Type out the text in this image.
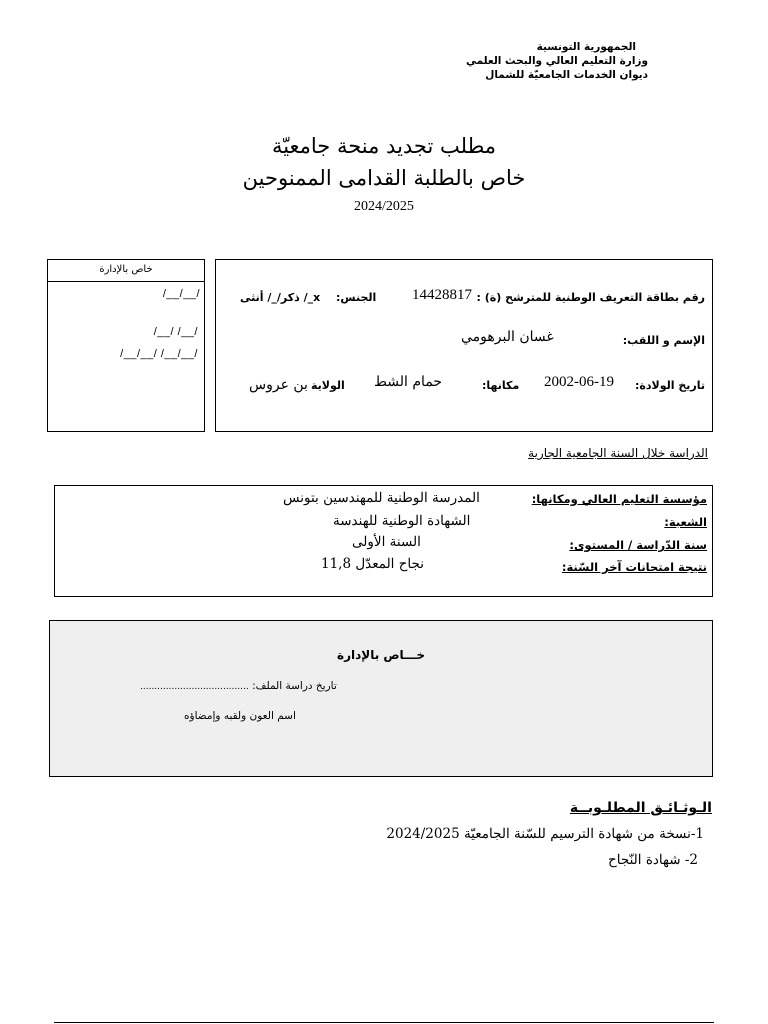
الجمهورية التونسية
وزارة التعليم العالي والبحث العلمي
ديوان الخدمات الجامعيّة للشمال
مطلب تجديد منحة جامعيّة
خاص بالطلبة القدامى الممنوحين
2024/2025
خاص بالإدارة
/__/__/
/__/ /__/
/__/__/ /__/__/
رقم بطاقة التعريف الوطنية للمترشح (ة) :
14428817
الجنس:
x_/ ذكر/_/ أنثى
الإسم و اللقب:
غسان البرهومي
تاريخ الولادة:
2002-06-19
مكانها:
حمام الشط
الولاية
بن عروس
الدراسة خلال السنة الجامعية الجارية
مؤسسة التعليم العالي ومكانها:
المدرسة الوطنية للمهندسين بتونس
الشعبة:
الشهادة الوطنية للهندسة
سنة الدّراسة / المستوى:
السنة الأولى
نتيجة امتحانات آخر السّنة:
نجاح المعدّل 11,8
خـــاص بالإدارة
تاريخ دراسة الملف: ......................................
اسم العون ولقبه وإمضاؤه
الـوثـائـق المطلـوبــة
1-نسخة من شهادة الترسيم للسّنة الجامعيّة 2024/2025
2- شهادة النّجاح
